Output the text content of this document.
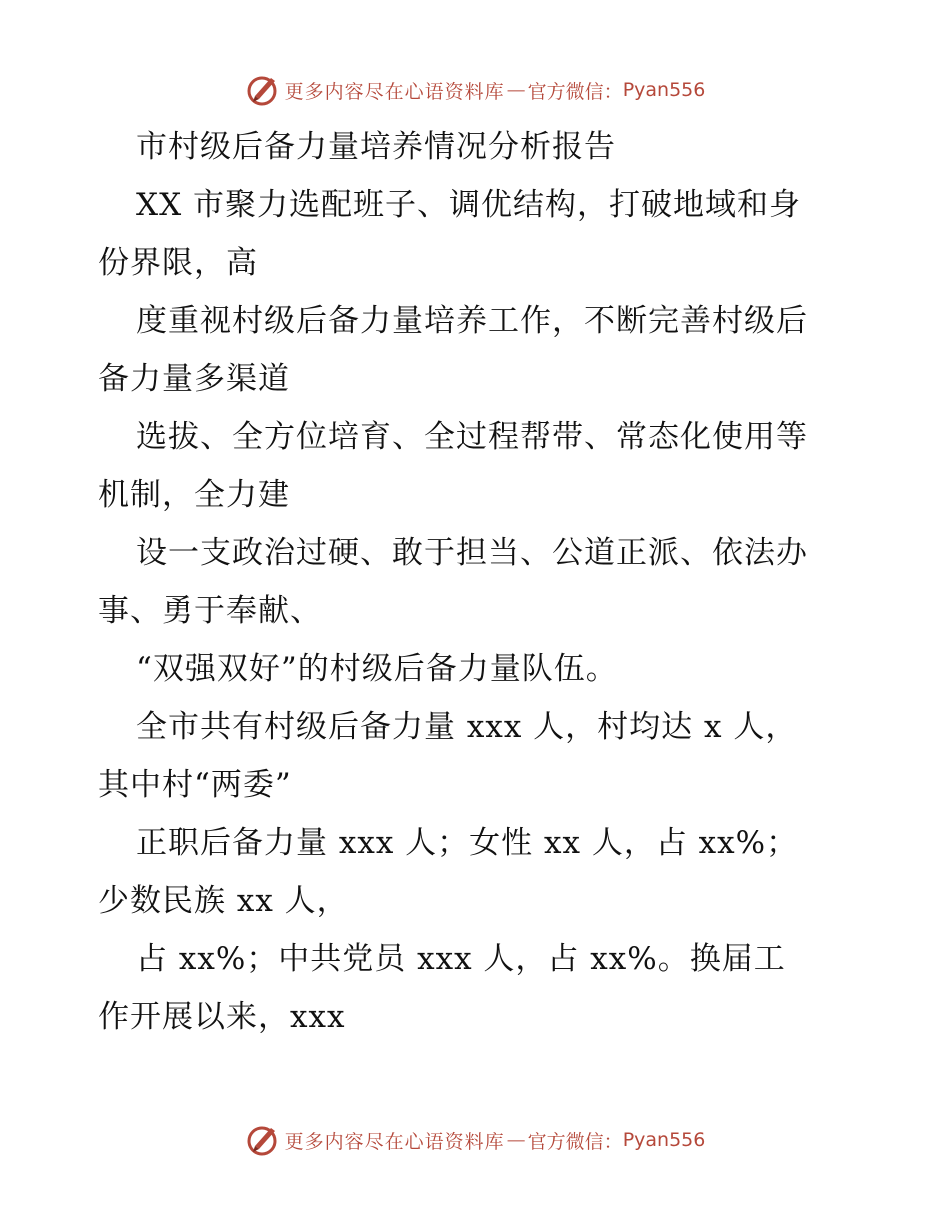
更多内容尽在心语资料库 — 官方微信： Pyan556
市村级后备力量培养情况分析报告
XX 市聚力选配班子、调优结构，打破地域和身
份界限，高
度重视村级后备力量培养工作，不断完善村级后
备力量多渠道
选拔、全方位培育、全过程帮带、常态化使用等
机制，全力建
设一支政治过硬、敢于担当、公道正派、依法办
事、勇于奉献、
“双强双好”的村级后备力量队伍。
全市共有村级后备力量 xxx 人，村均达 x 人，
其中村“两委”
正职后备力量 xxx 人；女性 xx 人，占 xx%；
少数民族 xx 人，
占 xx%；中共党员 xxx 人，占 xx%。换届工
作开展以来，xxx
更多内容尽在心语资料库 — 官方微信： Pyan556
